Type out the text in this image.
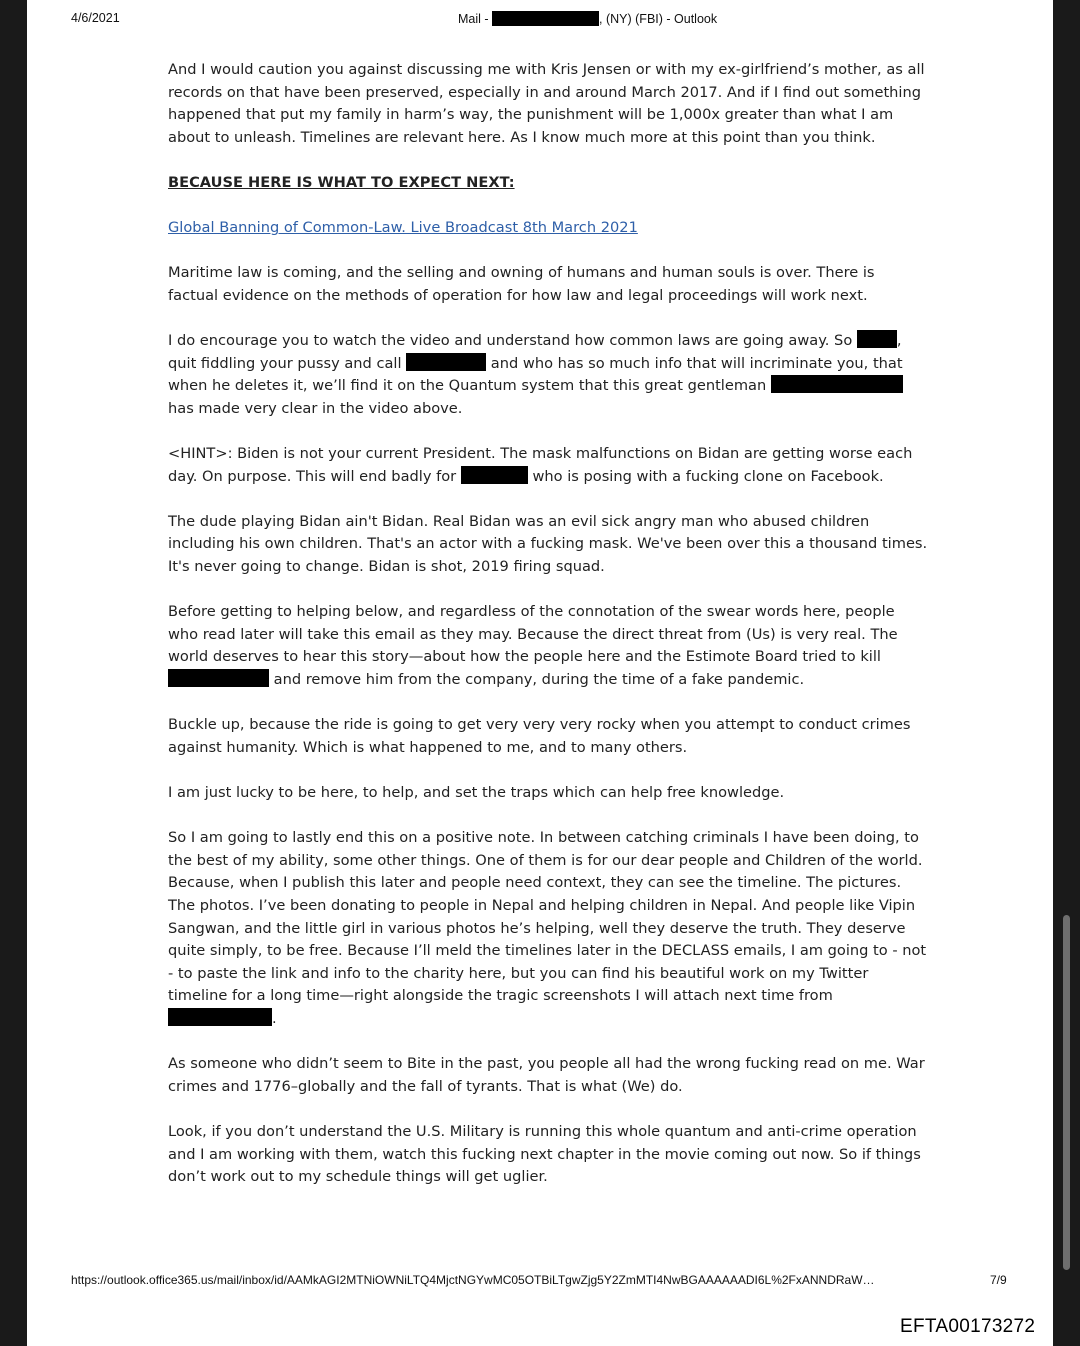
4/6/2021	Mail -	, (NY) (FBI) - Outlook

And I would caution you against discussing me with Kris Jensen or with my ex-girlfriend’s mother, as all records on that have been preserved, especially in and around March 2017. And if I find out something happened that put my family in harm’s way, the punishment will be 1,000x greater than what I am about to unleash. Timelines are relevant here. As I know much more at this point than you think.

BECAUSE HERE IS WHAT TO EXPECT NEXT:

Global Banning of Common-Law. Live Broadcast 8th March 2021

Maritime law is coming, and the selling and owning of humans and human souls is over. There is factual evidence on the methods of operation for how law and legal proceedings will work next.

I do encourage you to watch the video and understand how common laws are going away. So	, quit fiddling your pussy and call	and who has so much info that will incriminate you, that when he deletes it, we’ll find it on the Quantum system that this great gentleman  has made very clear in the video above.

<HINT>: Biden is not your current President. The mask malfunctions on Bidan are getting worse each day. On purpose. This will end badly for	who is posing with a fucking clone on Facebook.

The dude playing Bidan ain't Bidan. Real Bidan was an evil sick angry man who abused children including his own children. That's an actor with a fucking mask. We've been over this a thousand times. It's never going to change. Bidan is shot, 2019 firing squad.

Before getting to helping below, and regardless of the connotation of the swear words here, people who read later will take this email as they may. Because the direct threat from (Us) is very real. The world deserves to hear this story—about how the people here and the Estimote Board tried to kill  and remove him from the company, during the time of a fake pandemic.

Buckle up, because the ride is going to get very very very rocky when you attempt to conduct crimes against humanity. Which is what happened to me, and to many others.

I am just lucky to be here, to help, and set the traps which can help free knowledge.

So I am going to lastly end this on a positive note. In between catching criminals I have been doing, to the best of my ability, some other things. One of them is for our dear people and Children of the world. Because, when I publish this later and people need context, they can see the timeline. The pictures. The photos. I’ve been donating to people in Nepal and helping children in Nepal. And people like Vipin Sangwan, and the little girl in various photos he’s helping, well they deserve the truth. They deserve quite simply, to be free. Because I’ll meld the timelines later in the DECLASS emails, I am going to - not - to paste the link and info to the charity here, but you can find his beautiful work on my Twitter timeline for a long time—right alongside the tragic screenshots I will attach next time from .

As someone who didn’t seem to Bite in the past, you people all had the wrong fucking read on me. War crimes and 1776–globally and the fall of tyrants. That is what (We) do.

Look, if you don’t understand the U.S. Military is running this whole quantum and anti-crime operation and I am working with them, watch this fucking next chapter in the movie coming out now. So if things don’t work out to my schedule things will get uglier.

https://outlook.office365.us/mail/inbox/id/AAMkAGI2MTNiOWNiLTQ4MjctNGYwMC05OTBiLTgwZjg5Y2ZmMTI4NwBGAAAAAADI6L%2FxANNDRaW…	7/9
EFTA00173272
